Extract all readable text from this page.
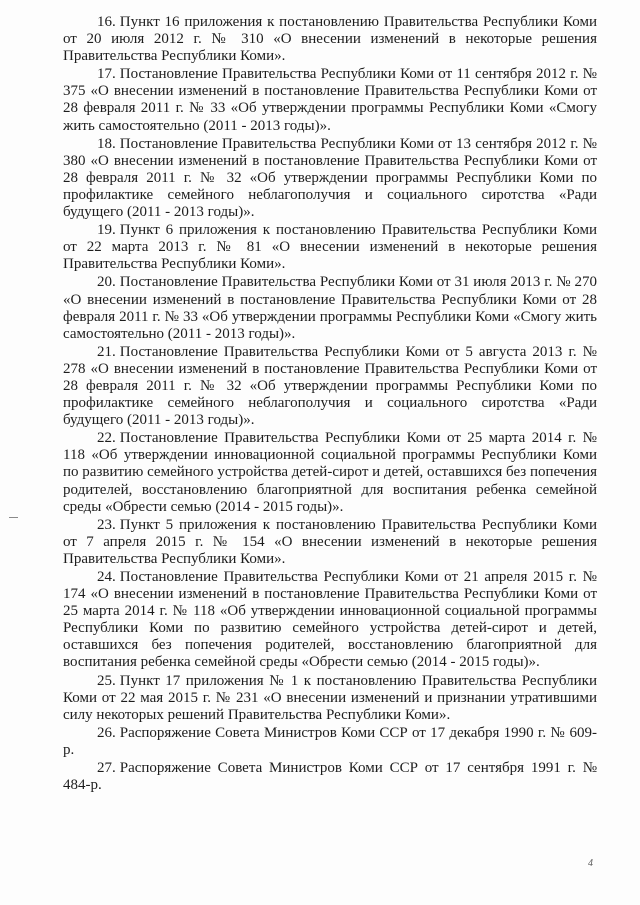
16. Пункт 16 приложения к постановлению Правительства Республики Коми от 20 июля 2012 г. № 310 «О внесении изменений в некоторые решения Правительства Республики Коми».

17. Постановление Правительства Республики Коми от 11 сентября 2012 г. № 375 «О внесении изменений в постановление Правительства Республики Коми от 28 февраля 2011 г. № 33 «Об утверждении программы Республики Коми «Смогу жить самостоятельно (2011 - 2013 годы)».

18. Постановление Правительства Республики Коми от 13 сентября 2012 г. № 380 «О внесении изменений в постановление Правительства Республики Коми от 28 февраля 2011 г. № 32 «Об утверждении программы Республики Коми по профилактике семейного неблагополучия и социального сиротства «Ради будущего (2011 - 2013 годы)».

19. Пункт 6 приложения к постановлению Правительства Республики Коми от 22 марта 2013 г. № 81 «О внесении изменений в некоторые решения Правительства Республики Коми».

20. Постановление Правительства Республики Коми от 31 июля 2013 г. № 270 «О внесении изменений в постановление Правительства Республики Коми от 28 февраля 2011 г. № 33 «Об утверждении программы Республики Коми «Смогу жить самостоятельно (2011 - 2013 годы)».

21. Постановление Правительства Республики Коми от 5 августа 2013 г. № 278 «О внесении изменений в постановление Правительства Республики Коми от 28 февраля 2011 г. № 32 «Об утверждении программы Республики Коми по профилактике семейного неблагополучия и социального сиротства «Ради будущего (2011 - 2013 годы)».

22. Постановление Правительства Республики Коми от 25 марта 2014 г. № 118 «Об утверждении инновационной социальной программы Республики Коми по развитию семейного устройства детей-сирот и детей, оставшихся без попечения родителей, восстановлению благоприятной для воспитания ребенка семейной среды «Обрести семью (2014 - 2015 годы)».

23. Пункт 5 приложения к постановлению Правительства Республики Коми от 7 апреля 2015 г. № 154 «О внесении изменений в некоторые решения Правительства Республики Коми».

24. Постановление Правительства Республики Коми от 21 апреля 2015 г. № 174 «О внесении изменений в постановление Правительства Республики Коми от 25 марта 2014 г. № 118 «Об утверждении инновационной социальной программы Республики Коми по развитию семейного устройства детей-сирот и детей, оставшихся без попечения родителей, восстановлению благоприятной для воспитания ребенка семейной среды «Обрести семью (2014 - 2015 годы)».

25. Пункт 17 приложения № 1 к постановлению Правительства Республики Коми от 22 мая 2015 г. № 231 «О внесении изменений и признании утратившими силу некоторых решений Правительства Республики Коми».

26. Распоряжение Совета Министров Коми ССР от 17 декабря 1990 г. № 609-р.

27. Распоряжение Совета Министров Коми ССР от 17 сентября 1991 г. № 484-р.

4
